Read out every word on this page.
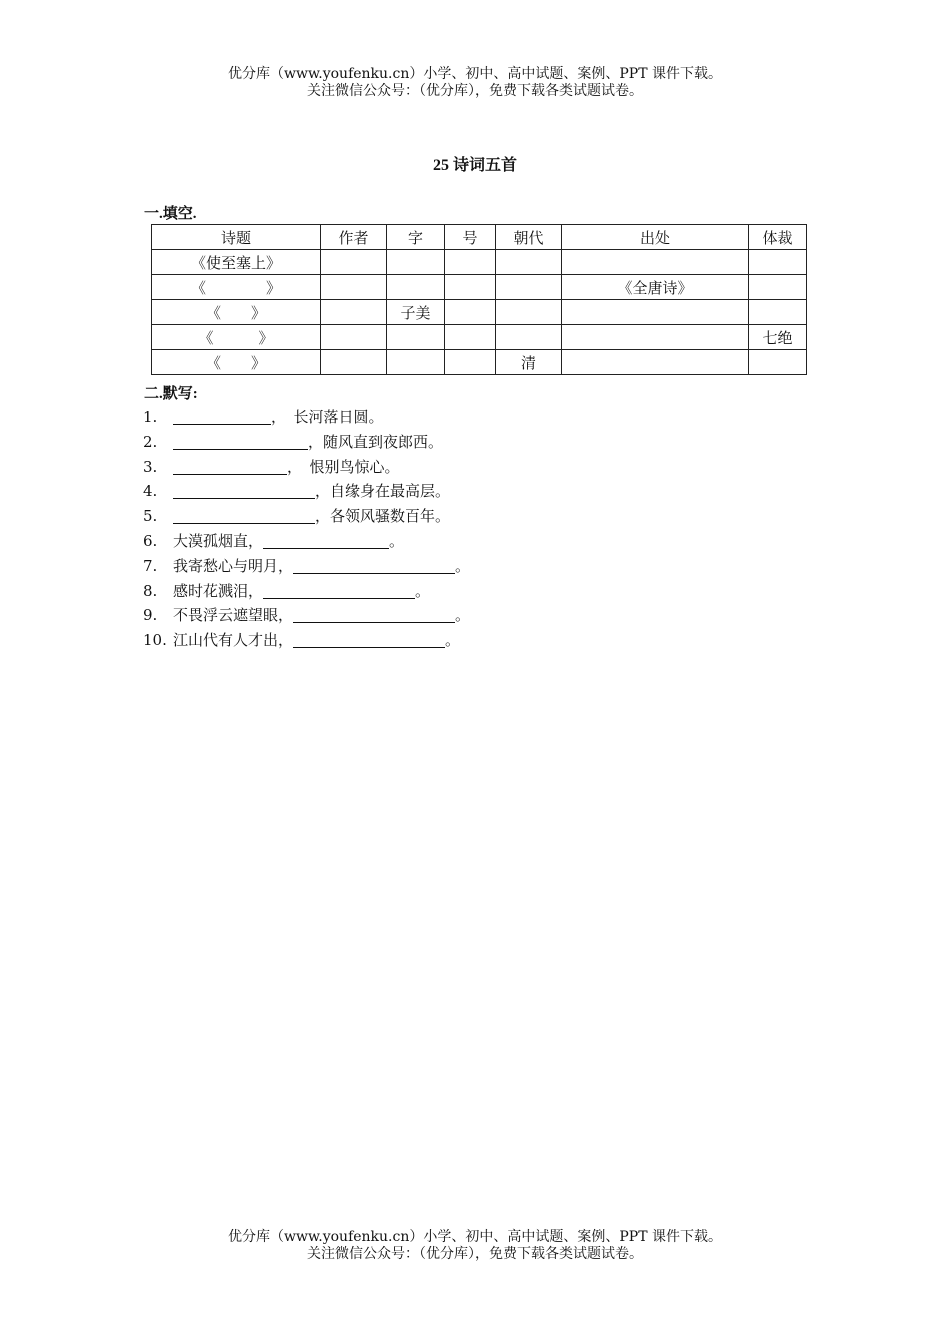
优分库（www.youfenku.cn）小学、初中、高中试题、案例、PPT 课件下载。
关注微信公众号：（优分库），免费下载各类试题试卷。
25 诗词五首
一.填空.
诗题	作者	字	号	朝代	出处	体裁
《使至塞上》						
《　　　　》					《全唐诗》	
《　　》		子美				
《　　　》						七绝
《　　》				清		
二.默写:
1.	，　长河落日圆。
2.	，随风直到夜郎西。
3.	，　恨别鸟惊心。
4.	，自缘身在最高层。
5.	，各领风骚数百年。
6. 大漠孤烟直，	。
7. 我寄愁心与明月，	。
8. 感时花溅泪，	。
9. 不畏浮云遮望眼，	。
10. 江山代有人才出，	。
优分库（www.youfenku.cn）小学、初中、高中试题、案例、PPT 课件下载。
关注微信公众号：（优分库），免费下载各类试题试卷。
